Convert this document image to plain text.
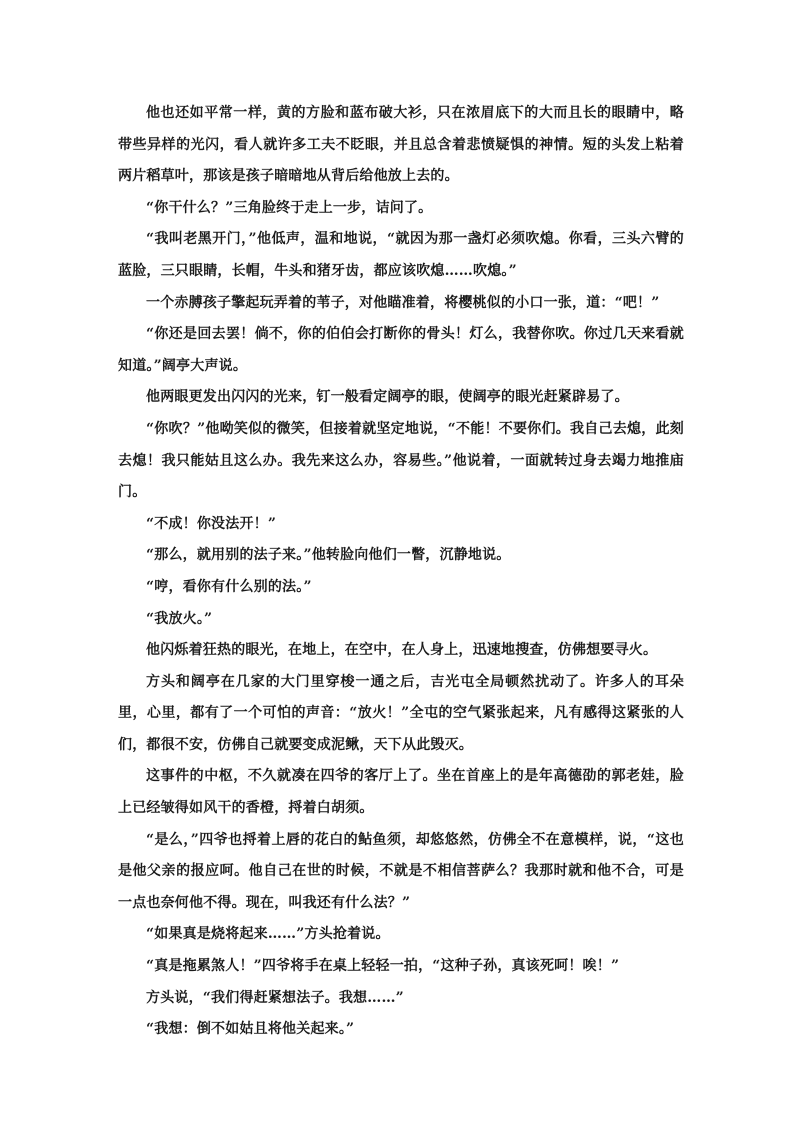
他也还如平常一样，黄的方脸和蓝布破大衫，只在浓眉底下的大而且长的眼睛中，略带些异样的光闪，看人就许多工夫不眨眼，并且总含着悲愤疑惧的神情。短的头发上粘着两片稻草叶，那该是孩子暗暗地从背后给他放上去的。

“你干什么？”三角脸终于走上一步，诘问了。

“我叫老黑开门，”他低声，温和地说，“就因为那一盏灯必须吹熄。你看，三头六臂的蓝脸，三只眼睛，长帽，牛头和猪牙齿，都应该吹熄……吹熄。”

一个赤膊孩子擎起玩弄着的苇子，对他瞄准着，将樱桃似的小口一张，道：“吧！”

“你还是回去罢！倘不，你的伯伯会打断你的骨头！灯么，我替你吹。你过几天来看就知道。”阔亭大声说。

他两眼更发出闪闪的光来，钉一般看定阔亭的眼，使阔亭的眼光赶紧辟易了。

“你吹？”他呦笑似的微笑，但接着就坚定地说，“不能！不要你们。我自己去熄，此刻去熄！我只能姑且这么办。我先来这么办，容易些。”他说着，一面就转过身去竭力地推庙门。

“不成！你没法开！”

“那么，就用别的法子来。”他转脸向他们一瞥，沉静地说。

“哼，看你有什么别的法。”

“我放火。”

他闪烁着狂热的眼光，在地上，在空中，在人身上，迅速地搜查，仿佛想要寻火。

方头和阔亭在几家的大门里穿梭一通之后，吉光屯全局顿然扰动了。许多人的耳朵里，心里，都有了一个可怕的声音：“放火！”全屯的空气紧张起来，凡有感得这紧张的人们，都很不安，仿佛自己就要变成泥鳅，天下从此毁灭。

这事件的中枢，不久就凑在四爷的客厅上了。坐在首座上的是年高德劭的郭老娃，脸上已经皱得如风干的香橙，捋着白胡须。

“是么，”四爷也捋着上唇的花白的鲇鱼须，却悠悠然，仿佛全不在意模样，说，“这也是他父亲的报应呵。他自己在世的时候，不就是不相信菩萨么？我那时就和他不合，可是一点也奈何他不得。现在，叫我还有什么法？”

“如果真是烧将起来……”方头抢着说。

“真是拖累煞人！”四爷将手在桌上轻轻一拍，“这种子孙，真该死呵！唉！”

方头说，“我们得赶紧想法子。我想……”

“我想：倒不如姑且将他关起来。”
